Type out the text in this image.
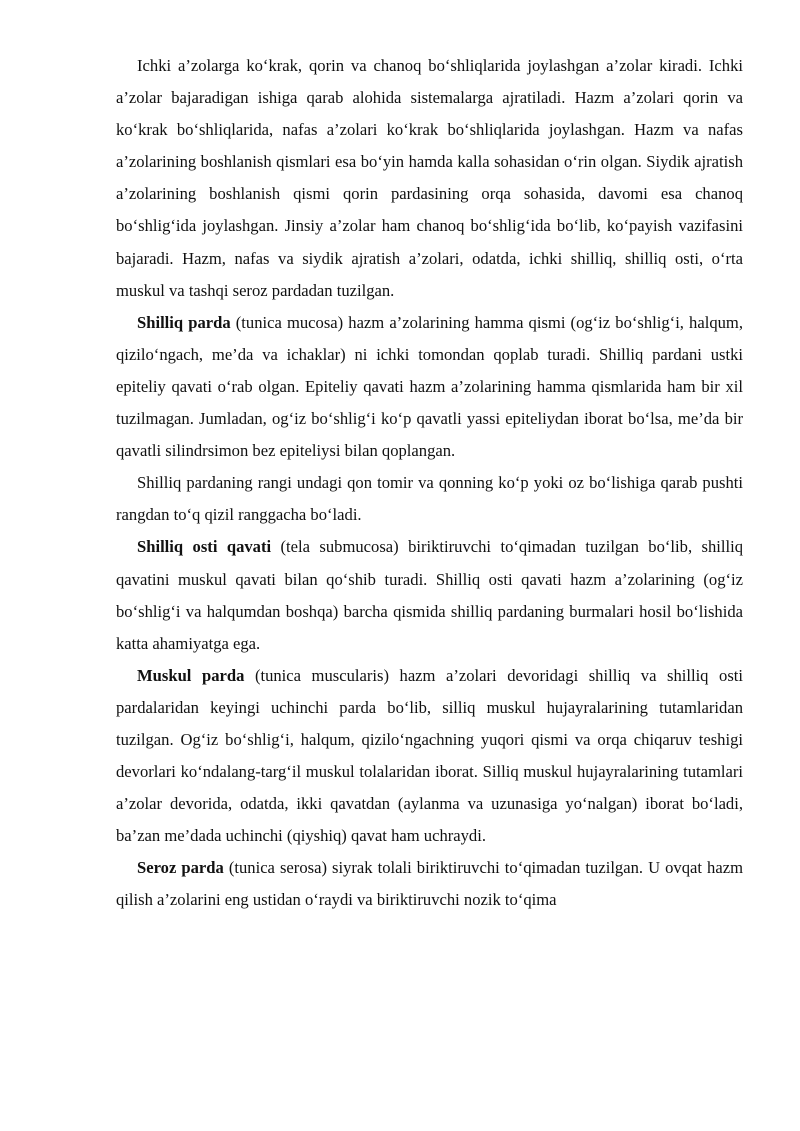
Ichki a’zolarga ko‘krak, qorin va chanoq bo‘shliqlarida joylashgan a’zolar kiradi. Ichki a’zolar bajaradigan ishiga qarab alohida sistemalarga ajratiladi. Hazm a’zolari qorin va ko‘krak bo‘shliqlarida, nafas a’zolari ko‘krak bo‘shliqlarida joylashgan. Hazm va nafas a’zolarining boshlanish qismlari esa bo‘yin hamda kalla sohasidan o‘rin olgan. Siydik ajratish a’zolarining boshlanish qismi qorin pardasining orqa sohasida, davomi esa chanoq bo‘shlig‘ida joylashgan. Jinsiy a’zolar ham chanoq bo‘shlig‘ida bo‘lib, ko‘payish vazifasini bajaradi. Hazm, nafas va siydik ajratish a’zolari, odatda, ichki shilliq, shilliq osti, o‘rta muskul va tashqi seroz pardadan tuzilgan.

Shilliq parda (tunica mucosa) hazm a’zolarining hamma qismi (og‘iz bo‘shlig‘i, halqum, qizilo‘ngach, me’da va ichaklar) ni ichki tomondan qoplab turadi. Shilliq pardani ustki epiteliy qavati o‘rab olgan. Epiteliy qavati hazm a’zolarining hamma qismlarida ham bir xil tuzilmagan. Jumladan, og‘iz bo‘shlig‘i ko‘p qavatli yassi epiteliydan iborat bo‘lsa, me’da bir qavatli silindrsimon bez epiteliysi bilan qoplangan.

Shilliq pardaning rangi undagi qon tomir va qonning ko‘p yoki oz bo‘lishiga qarab pushti rangdan to‘q qizil ranggacha bo‘ladi.

Shilliq osti qavati (tela submucosa) biriktiruvchi to‘qimadan tuzilgan bo‘lib, shilliq qavatini muskul qavati bilan qo‘shib turadi. Shilliq osti qavati hazm a’zolarining (og‘iz bo‘shlig‘i va halqumdan boshqa) barcha qismida shilliq pardaning burmalari hosil bo‘lishida katta ahamiyatga ega.

Muskul parda (tunica muscularis) hazm a’zolari devoridagi shilliq va shilliq osti pardalaridan keyingi uchinchi parda bo‘lib, silliq muskul hujayralarining tutamlaridan tuzilgan. Og‘iz bo‘shlig‘i, halqum, qizilo‘ngachning yuqori qismi va orqa chiqaruv teshigi devorlari ko‘ndalang-targ‘il muskul tolalaridan iborat. Silliq muskul hujayralarining tutamlari a’zolar devorida, odatda, ikki qavatdan (aylanma va uzunasiga yo‘nalgan) iborat bo‘ladi, ba’zan me’dada uchinchi (qiyshiq) qavat ham uchraydi.

Seroz parda (tunica serosa) siyrak tolali biriktiruvchi to‘qimadan tuzilgan. U ovqat hazm qilish a’zolarini eng ustidan o‘raydi va biriktiruvchi nozik to‘qima
